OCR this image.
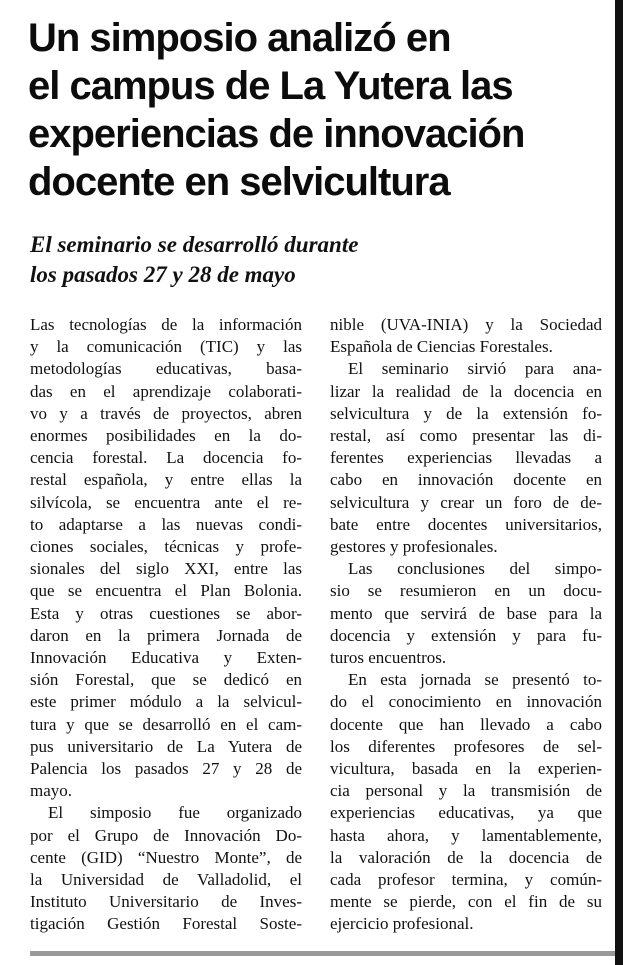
Un simposio analizó en
el campus de La Yutera las
experiencias de innovación
docente en selvicultura
El seminario se desarrolló durante
los pasados 27 y 28 de mayo
Las tecnologías de la información
y la comunicación (TIC) y las
metodologías educativas, basa-
das en el aprendizaje colaborati-
vo y a través de proyectos, abren
enormes posibilidades en la do-
cencia forestal. La docencia fo-
restal española, y entre ellas la
silvícola, se encuentra ante el re-
to adaptarse a las nuevas condi-
ciones sociales, técnicas y profe-
sionales del siglo XXI, entre las
que se encuentra el Plan Bolonia.
Esta y otras cuestiones se abor-
daron en la primera Jornada de
Innovación Educativa y Exten-
sión Forestal, que se dedicó en
este primer módulo a la selvicul-
tura y que se desarrolló en el cam-
pus universitario de La Yutera de
Palencia los pasados 27 y 28 de
mayo.
El simposio fue organizado
por el Grupo de Innovación Do-
cente (GID) “Nuestro Monte”, de
la Universidad de Valladolid, el
Instituto Universitario de Inves-
tigación Gestión Forestal Soste-
nible (UVA-INIA) y la Sociedad
Española de Ciencias Forestales.
El seminario sirvió para ana-
lizar la realidad de la docencia en
selvicultura y de la extensión fo-
restal, así como presentar las di-
ferentes experiencias llevadas a
cabo en innovación docente en
selvicultura y crear un foro de de-
bate entre docentes universitarios,
gestores y profesionales.
Las conclusiones del simpo-
sio se resumieron en un docu-
mento que servirá de base para la
docencia y extensión y para fu-
turos encuentros.
En esta jornada se presentó to-
do el conocimiento en innovación
docente que han llevado a cabo
los diferentes profesores de sel-
vicultura, basada en la experien-
cia personal y la transmisión de
experiencias educativas, ya que
hasta ahora, y lamentablemente,
la valoración de la docencia de
cada profesor termina, y común-
mente se pierde, con el fin de su
ejercicio profesional.
